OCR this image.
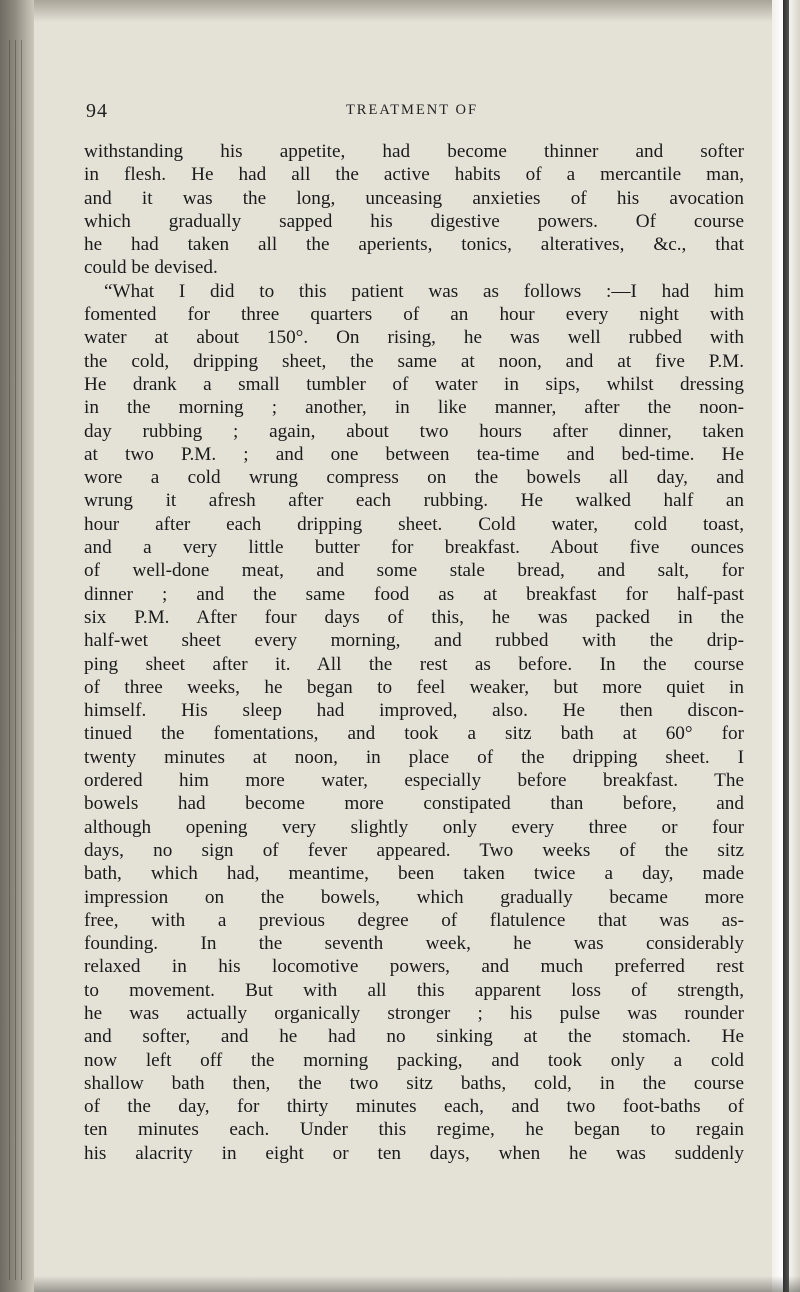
94	TREATMENT OF
withstanding his appetite, had become thinner and softer
in flesh. He had all the active habits of a mercantile man,
and it was the long, unceasing anxieties of his avocation
which gradually sapped his digestive powers. Of course
he had taken all the aperients, tonics, alteratives, &c., that
could be devised.
“What I did to this patient was as follows :—I had him
fomented for three quarters of an hour every night with
water at about 150°. On rising, he was well rubbed with
the cold, dripping sheet, the same at noon, and at five P.M.
He drank a small tumbler of water in sips, whilst dressing
in the morning ; another, in like manner, after the noon-
day rubbing ; again, about two hours after dinner, taken
at two P.M. ; and one between tea-time and bed-time. He
wore a cold wrung compress on the bowels all day, and
wrung it afresh after each rubbing. He walked half an
hour after each dripping sheet. Cold water, cold toast,
and a very little butter for breakfast. About five ounces
of well-done meat, and some stale bread, and salt, for
dinner ; and the same food as at breakfast for half-past
six P.M. After four days of this, he was packed in the
half-wet sheet every morning, and rubbed with the drip-
ping sheet after it. All the rest as before. In the course
of three weeks, he began to feel weaker, but more quiet in
himself. His sleep had improved, also. He then discon-
tinued the fomentations, and took a sitz bath at 60° for
twenty minutes at noon, in place of the dripping sheet. I
ordered him more water, especially before breakfast. The
bowels had become more constipated than before, and
although opening very slightly only every three or four
days, no sign of fever appeared. Two weeks of the sitz
bath, which had, meantime, been taken twice a day, made
impression on the bowels, which gradually became more
free, with a previous degree of flatulence that was as-
founding. In the seventh week, he was considerably
relaxed in his locomotive powers, and much preferred rest
to movement. But with all this apparent loss of strength,
he was actually organically stronger ; his pulse was rounder
and softer, and he had no sinking at the stomach. He
now left off the morning packing, and took only a cold
shallow bath then, the two sitz baths, cold, in the course
of the day, for thirty minutes each, and two foot-baths of
ten minutes each. Under this regime, he began to regain
his alacrity in eight or ten days, when he was suddenly
